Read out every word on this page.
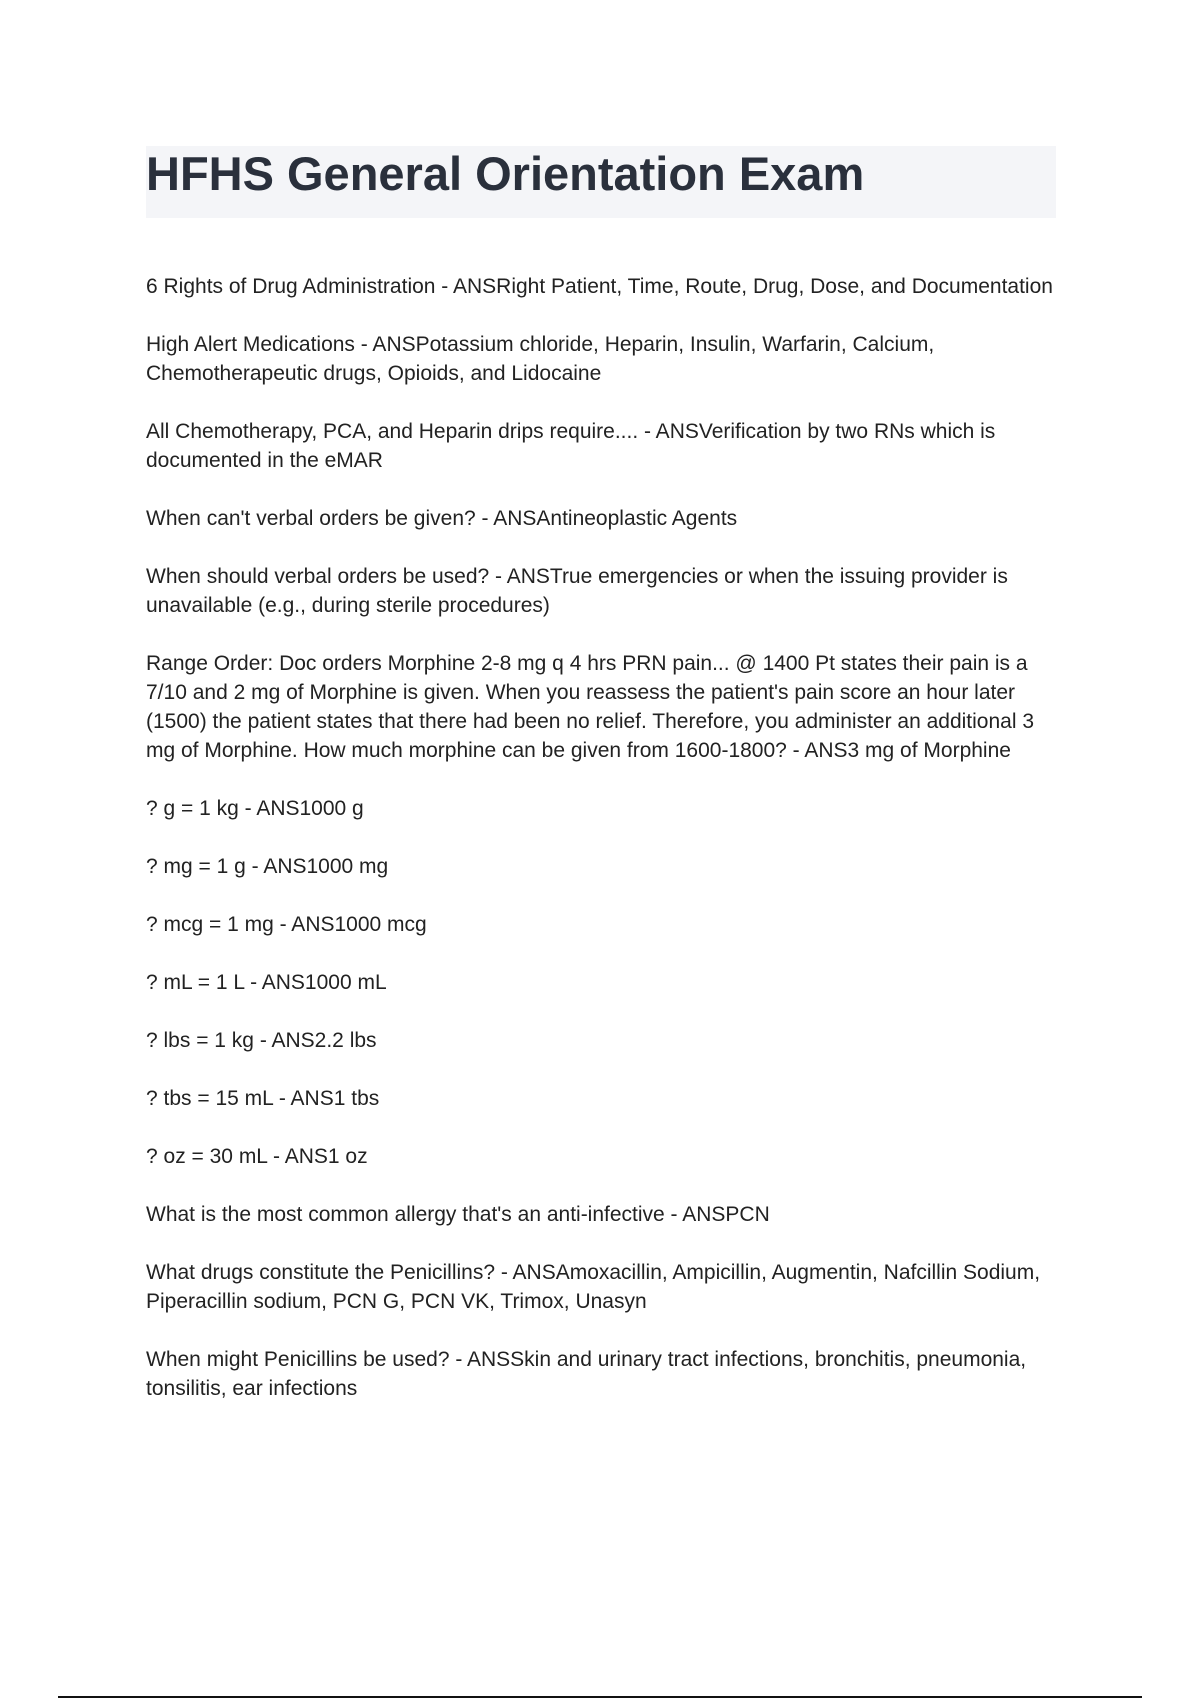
HFHS General Orientation Exam
6 Rights of Drug Administration - ANSRight Patient, Time, Route, Drug, Dose, and Documentation
High Alert Medications - ANSPotassium chloride, Heparin, Insulin, Warfarin, Calcium, Chemotherapeutic drugs, Opioids, and Lidocaine
All Chemotherapy, PCA, and Heparin drips require.... - ANSVerification by two RNs which is documented in the eMAR
When can't verbal orders be given? - ANSAntineoplastic Agents
When should verbal orders be used? - ANSTrue emergencies or when the issuing provider is unavailable (e.g., during sterile procedures)
Range Order: Doc orders Morphine 2-8 mg q 4 hrs PRN pain... @ 1400 Pt states their pain is a 7/10 and 2 mg of Morphine is given. When you reassess the patient's pain score an hour later (1500) the patient states that there had been no relief. Therefore, you administer an additional 3 mg of Morphine. How much morphine can be given from 1600-1800? - ANS3 mg of Morphine
? g = 1 kg - ANS1000 g
? mg = 1 g - ANS1000 mg
? mcg = 1 mg - ANS1000 mcg
? mL = 1 L - ANS1000 mL
? lbs = 1 kg - ANS2.2 lbs
? tbs = 15 mL - ANS1 tbs
? oz = 30 mL - ANS1 oz
What is the most common allergy that's an anti-infective - ANSPCN
What drugs constitute the Penicillins? - ANSAmoxacillin, Ampicillin, Augmentin, Nafcillin Sodium, Piperacillin sodium, PCN G, PCN VK, Trimox, Unasyn
When might Penicillins be used? - ANSSkin and urinary tract infections, bronchitis, pneumonia, tonsilitis, ear infections
